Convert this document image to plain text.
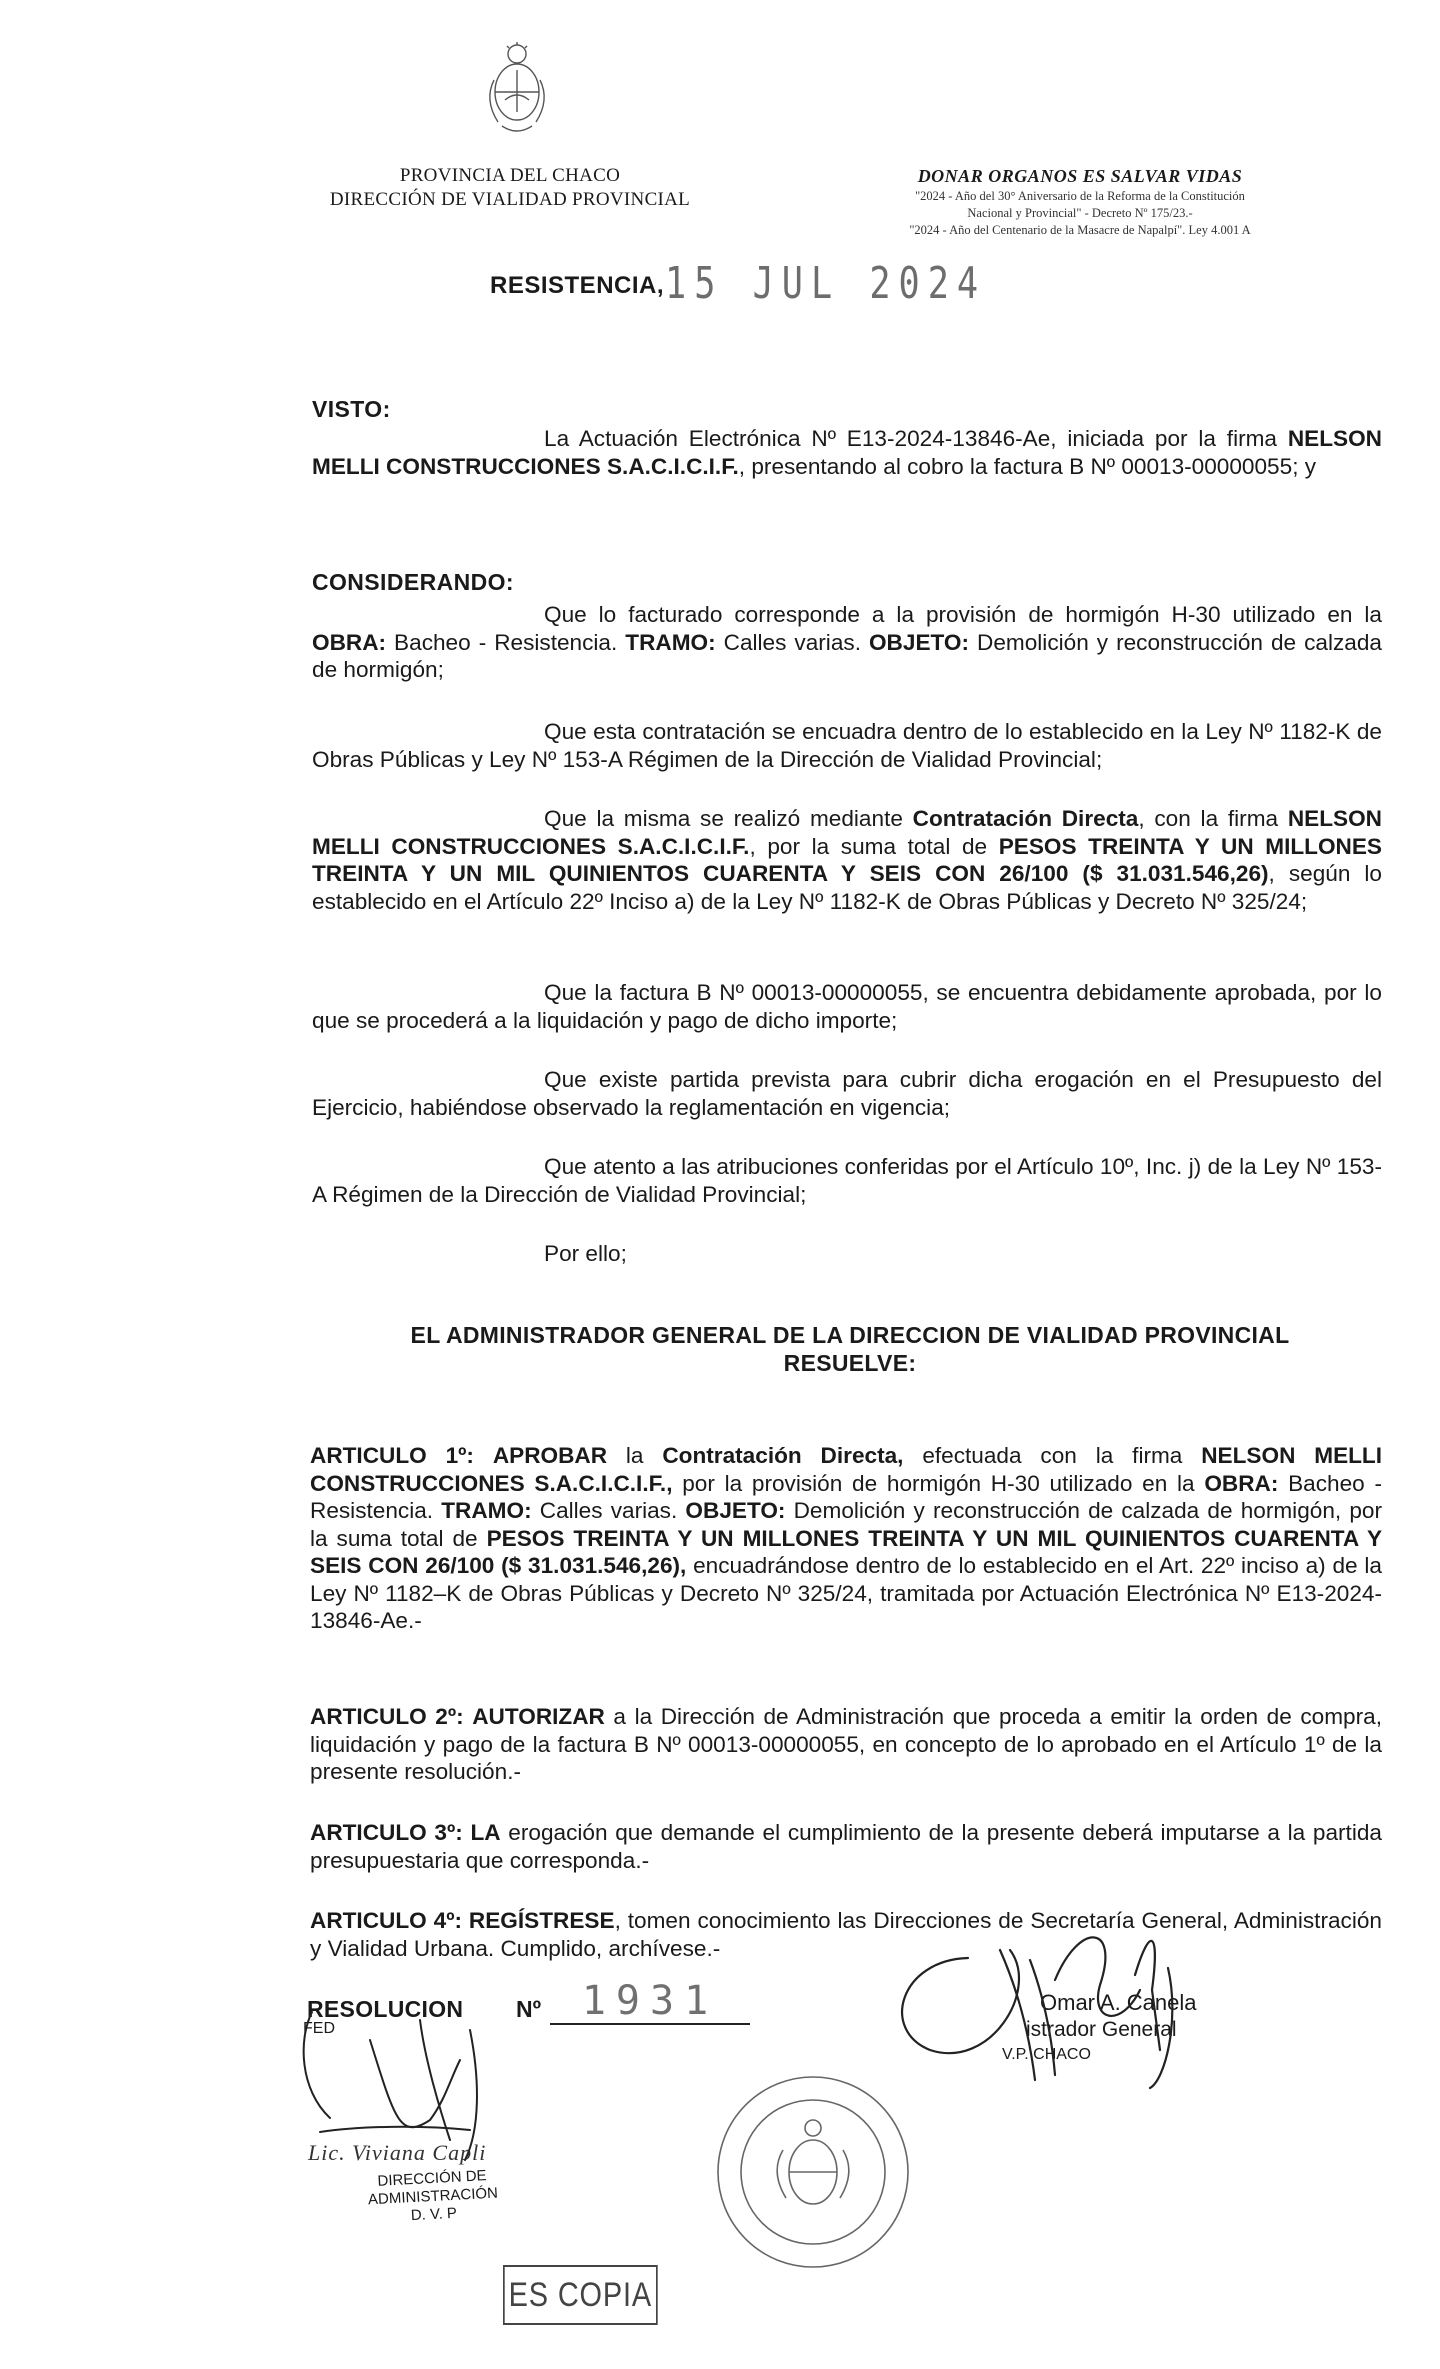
PROVINCIA DEL CHACO
DIRECCIÓN DE VIALIDAD PROVINCIAL
DONAR ORGANOS ES SALVAR VIDAS
"2024 - Año del 30° Aniversario de la Reforma de la Constitución
Nacional y Provincial" - Decreto Nº 175/23.-
"2024 - Año del Centenario de la Masacre de Napalpí". Ley 4.001 A
RESISTENCIA, 15 JUL 2024
VISTO:
La Actuación Electrónica Nº E13-2024-13846-Ae, iniciada por la firma NELSON MELLI CONSTRUCCIONES S.A.C.I.C.I.F., presentando al cobro la factura B Nº 00013-00000055; y
CONSIDERANDO:
Que lo facturado corresponde a la provisión de hormigón H-30 utilizado en la OBRA: Bacheo - Resistencia. TRAMO: Calles varias. OBJETO: Demolición y reconstrucción de calzada de hormigón;
Que esta contratación se encuadra dentro de lo establecido en la Ley Nº 1182-K de Obras Públicas y Ley Nº 153-A Régimen de la Dirección de Vialidad Provincial;
Que la misma se realizó mediante Contratación Directa, con la firma NELSON MELLI CONSTRUCCIONES S.A.C.I.C.I.F., por la suma total de PESOS TREINTA Y UN MILLONES TREINTA Y UN MIL QUINIENTOS CUARENTA Y SEIS CON 26/100 ($ 31.031.546,26), según lo establecido en el Artículo 22º Inciso a) de la Ley Nº 1182-K de Obras Públicas y Decreto Nº 325/24;
Que la factura B Nº 00013-00000055, se encuentra debidamente aprobada, por lo que se procederá a la liquidación y pago de dicho importe;
Que existe partida prevista para cubrir dicha erogación en el Presupuesto del Ejercicio, habiéndose observado la reglamentación en vigencia;
Que atento a las atribuciones conferidas por el Artículo 10º, Inc. j) de la Ley Nº 153-A Régimen de la Dirección de Vialidad Provincial;
Por ello;
EL ADMINISTRADOR GENERAL DE LA DIRECCION DE VIALIDAD PROVINCIAL
RESUELVE:
ARTICULO 1º: APROBAR la Contratación Directa, efectuada con la firma NELSON MELLI CONSTRUCCIONES S.A.C.I.C.I.F., por la provisión de hormigón H-30 utilizado en la OBRA: Bacheo - Resistencia. TRAMO: Calles varias. OBJETO: Demolición y reconstrucción de calzada de hormigón, por la suma total de PESOS TREINTA Y UN MILLONES TREINTA Y UN MIL QUINIENTOS CUARENTA Y SEIS CON 26/100 ($ 31.031.546,26), encuadrándose dentro de lo establecido en el Art. 22º inciso a) de la Ley Nº 1182–K de Obras Públicas y Decreto Nº 325/24, tramitada por Actuación Electrónica Nº E13-2024-13846-Ae.-
ARTICULO 2º: AUTORIZAR a la Dirección de Administración que proceda a emitir la orden de compra, liquidación y pago de la factura B Nº 00013-00000055, en concepto de lo aprobado en el Artículo 1º de la presente resolución.-
ARTICULO 3º: LA erogación que demande el cumplimiento de la presente deberá imputarse a la partida presupuestaria que corresponda.-
ARTICULO 4º: REGÍSTRESE, tomen conocimiento las Direcciones de Secretaría General, Administración y Vialidad Urbana. Cumplido, archívese.-
RESOLUCION Nº	1931
FED
Omar A. Canela
istrador General
V.P. CHACO
Lic. Viviana Capli
DIRECCIÓN DE ADMINISTRACIÓN
D. V. P
ES COPIA
